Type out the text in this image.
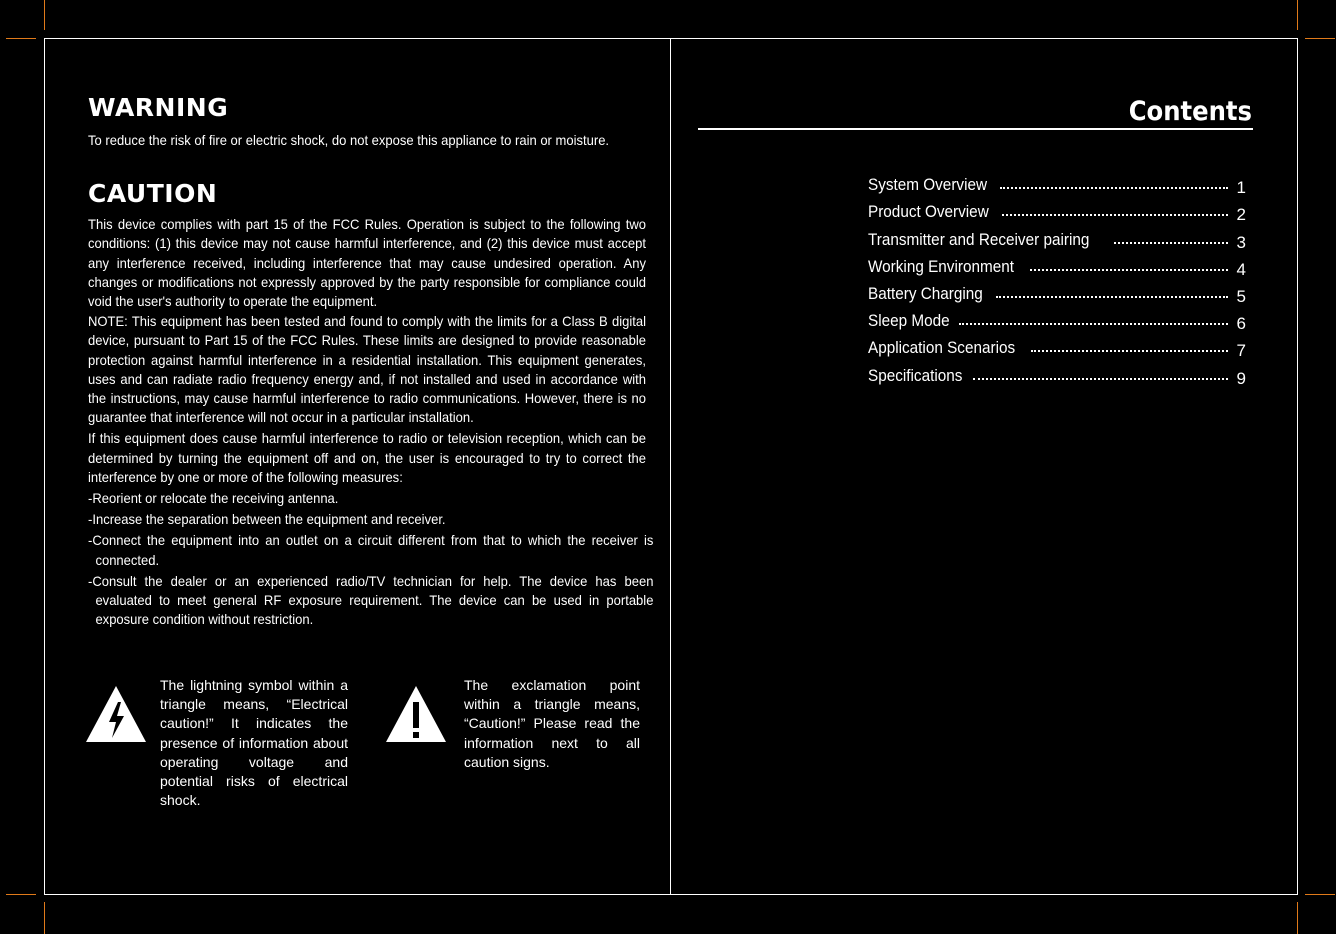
WARNING

To reduce the risk of fire or electric shock, do not expose this appliance to rain or moisture.

CAUTION

This device complies with part 15 of the FCC Rules. Operation is subject to the following two conditions: (1) this device may not cause harmful interference, and (2) this device must accept any interference received, including interference that may cause undesired operation. Any changes or modifications not expressly approved by the party responsible for compliance could void the user's authority to operate the equipment.

NOTE: This equipment has been tested and found to comply with the limits for a Class B digital device, pursuant to Part 15 of the FCC Rules. These limits are designed to provide reasonable protection against harmful interference in a residential installation. This equipment generates, uses and can radiate radio frequency energy and, if not installed and used in accordance with the instructions, may cause harmful interference to radio communications. However, there is no guarantee that interference will not occur in a particular installation.

If this equipment does cause harmful interference to radio or television reception, which can be determined by turning the equipment off and on, the user is encouraged to try to correct the interference by one or more of the following measures:

-Reorient or relocate the receiving antenna.

-Increase the separation between the equipment and receiver.

-Connect the equipment into an outlet on a circuit different from that to which the receiver is connected.

-Consult the dealer or an experienced radio/TV technician for help. The device has been evaluated to meet general RF exposure requirement. The device can be used in portable exposure condition without restriction.

The lightning symbol within a triangle means, “Electrical caution!” It indicates the presence of information about operating voltage and potential risks of electrical shock.
The exclamation point within a triangle means, “Caution!” Please read the information next to all caution signs.
Contents
System Overview	1
Product Overview	2
Transmitter and Receiver pairing	3
Working Environment	4
Battery Charging	5
Sleep Mode	6
Application Scenarios	7
Specifications	9
